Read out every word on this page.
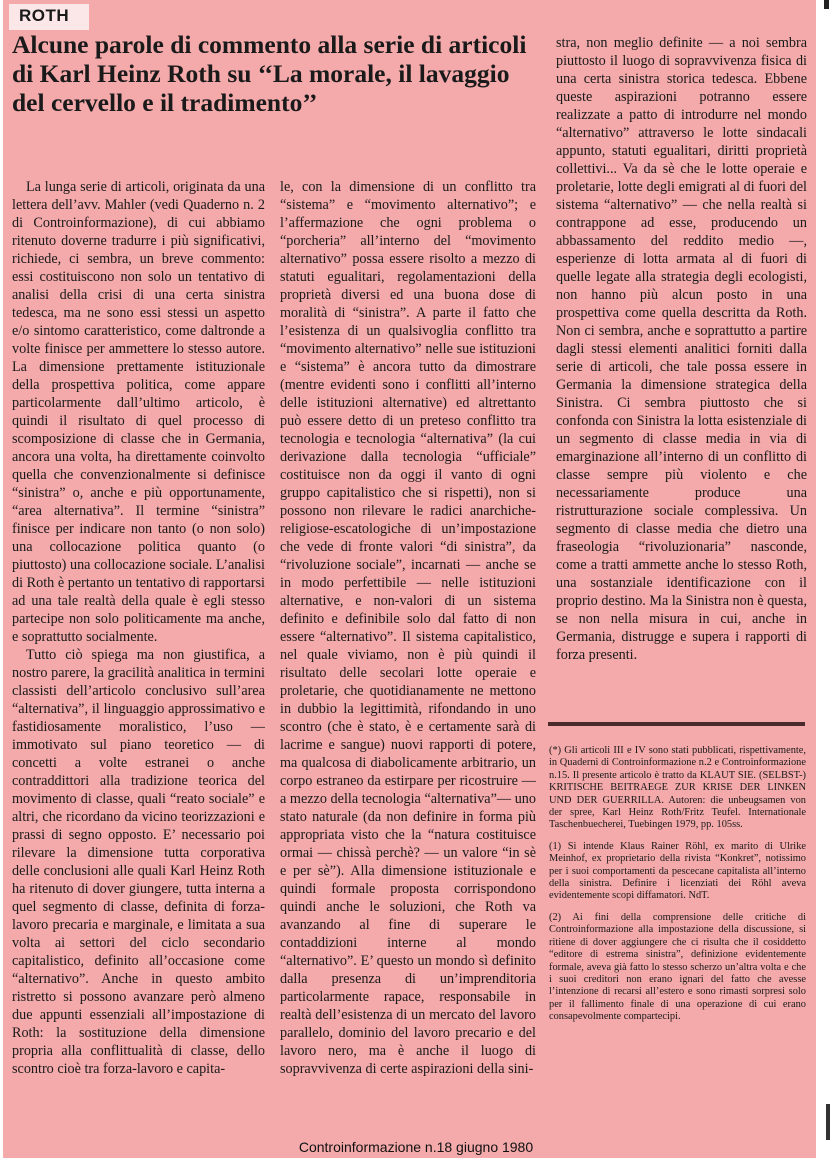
ROTH
Alcune parole di commento alla serie di articoli di Karl Heinz Roth su ‘‘La morale, il lavaggio del cervello e il tradimento’’

La lunga serie di articoli, originata da una lettera dell’avv. Mahler (vedi Quaderno n. 2 di Controinformazione), di cui abbiamo ritenuto doverne tradurre i più significativi, richiede, ci sembra, un breve commento: essi costituiscono non solo un tentativo di analisi della crisi di una certa sinistra tedesca, ma ne sono essi stessi un aspetto e/o sintomo caratteristico, come daltronde a volte finisce per ammettere lo stesso autore. La dimensione prettamente istituzionale della prospettiva politica, come appare particolarmente dall’ultimo articolo, è quindi il risultato di quel processo di scomposizione di classe che in Germania, ancora una volta, ha direttamente coinvolto quella che convenzionalmente si definisce “sinistra” o, anche e più opportunamente, “area alternativa”. Il termine “sinistra” finisce per indicare non tanto (o non solo) una collocazione politica quanto (o piuttosto) una collocazione sociale. L’analisi di Roth è pertanto un tentativo di rapportarsi ad una tale realtà della quale è egli stesso partecipe non solo politicamente ma anche, e soprattutto socialmente.

Tutto ciò spiega ma non giustifica, a nostro parere, la gracilità analitica in termini classisti dell’articolo conclusivo sull’area “alternativa”, il linguaggio approssimativo e fastidiosamente moralistico, l’uso — immotivato sul piano teoretico — di concetti a volte estranei o anche contraddittori alla tradizione teorica del movimento di classe, quali “reato sociale” e altri, che ricordano da vicino teorizzazioni e prassi di segno opposto. E’ necessario poi rilevare la dimensione tutta corporativa delle conclusioni alle quali Karl Heinz Roth ha ritenuto di dover giungere, tutta interna a quel segmento di classe, definita di forza-lavoro precaria e marginale, e limitata a sua volta ai settori del ciclo secondario capitalistico, definito all’occasione come “alternativo”. Anche in questo ambito ristretto si possono avanzare però almeno due appunti essenziali all’impostazione di Roth: la sostituzione della dimensione propria alla conflittualità di classe, dello scontro cioè tra forza-lavoro e capita-

le, con la dimensione di un conflitto tra “sistema” e “movimento alternativo”; e l’affermazione che ogni problema o “porcheria” all’interno del “movimento alternativo” possa essere risolto a mezzo di statuti egualitari, regolamentazioni della proprietà diversi ed una buona dose di moralità di “sinistra”. A parte il fatto che l’esistenza di un qualsivoglia conflitto tra “movimento alternativo” nelle sue istituzioni e “sistema” è ancora tutto da dimostrare (mentre evidenti sono i conflitti all’interno delle istituzioni alternative) ed altrettanto può essere detto di un preteso conflitto tra tecnologia e tecnologia “alternativa” (la cui derivazione dalla tecnologia “ufficiale” costituisce non da oggi il vanto di ogni gruppo capitalistico che si rispetti), non si possono non rilevare le radici anarchiche-religiose-escatologiche di un’impostazione che vede di fronte valori “di sinistra”, da “rivoluzione sociale”, incarnati — anche se in modo perfettibile — nelle istituzioni alternative, e non-valori di un sistema definito e definibile solo dal fatto di non essere “alternativo”. Il sistema capitalistico, nel quale viviamo, non è più quindi il risultato delle secolari lotte operaie e proletarie, che quotidianamente ne mettono in dubbio la legittimità, rifondando in uno scontro (che è stato, è e certamente sarà di lacrime e sangue) nuovi rapporti di potere, ma qualcosa di diabolicamente arbitrario, un corpo estraneo da estirpare per ricostruire — a mezzo della tecnologia “alternativa”— uno stato naturale (da non definire in forma più appropriata visto che la “natura costituisce ormai — chissà perchè? — un valore “in sè e per sè”). Alla dimensione istituzionale e quindi formale proposta corrispondono quindi anche le soluzioni, che Roth va avanzando al fine di superare le contaddizioni interne al mondo “alternativo”. E’ questo un mondo sì definito dalla presenza di un’imprenditoria particolarmente rapace, responsabile in realtà dell’esistenza di un mercato del lavoro parallelo, dominio del lavoro precario e del lavoro nero, ma è anche il luogo di sopravvivenza di certe aspirazioni della sini-

stra, non meglio definite — a noi sembra piuttosto il luogo di sopravvivenza fisica di una certa sinistra storica tedesca. Ebbene queste aspirazioni potranno essere realizzate a patto di introdurre nel mondo “alternativo” attraverso le lotte sindacali appunto, statuti egualitari, diritti proprietà collettivi... Va da sè che le lotte operaie e proletarie, lotte degli emigrati al di fuori del sistema “alternativo” — che nella realtà si contrappone ad esse, producendo un abbassamento del reddito medio —, esperienze di lotta armata al di fuori di quelle legate alla strategia degli ecologisti, non hanno più alcun posto in una prospettiva come quella descritta da Roth. Non ci sembra, anche e soprattutto a partire dagli stessi elementi analitici forniti dalla serie di articoli, che tale possa essere in Germania la dimensione strategica della Sinistra. Ci sembra piuttosto che si confonda con Sinistra la lotta esistenziale di un segmento di classe media in via di emarginazione all’interno di un conflitto di classe sempre più violento e che necessariamente produce una ristrutturazione sociale complessiva. Un segmento di classe media che dietro una fraseologia “rivoluzionaria” nasconde, come a tratti ammette anche lo stesso Roth, una sostanziale identificazione con il proprio destino. Ma la Sinistra non è questa, se non nella misura in cui, anche in Germania, distrugge e supera i rapporti di forza presenti.

(*) Gli articoli III e IV sono stati pubblicati, rispettivamente, in Quaderni di Controinformazione n.2 e Controinformazione n.15. Il presente articolo è tratto da KLAUT SIE. (SELBST-) KRITISCHE BEITRAEGE ZUR KRISE DER LINKEN UND DER GUERRILLA. Autoren: die unbeugsamen von der spree, Karl Heinz Roth/Fritz Teufel. Internationale Taschenbuecherei, Tuebingen 1979, pp. 105ss.

(1) Si intende Klaus Rainer Röhl, ex marito di Ulrike Meinhof, ex proprietario della rivista “Konkret”, notissimo per i suoi comportamenti da pescecane capitalista all’interno della sinistra. Definire i licenziati dei Röhl aveva evidentemente scopi diffamatori. NdT.

(2) Ai fini della comprensione delle critiche di Controinformazione alla impostazione della discussione, si ritiene di dover aggiungere che ci risulta che il cosiddetto “editore di estrema sinistra”, definizione evidentemente formale, aveva già fatto lo stesso scherzo un’altra volta e che i suoi creditori non erano ignari del fatto che avesse l’intenzione di recarsi all’estero e sono rimasti sorpresi solo per il fallimento finale di una operazione di cui erano consapevolmente compartecipi.

Controinformazione n.18 giugno 1980
